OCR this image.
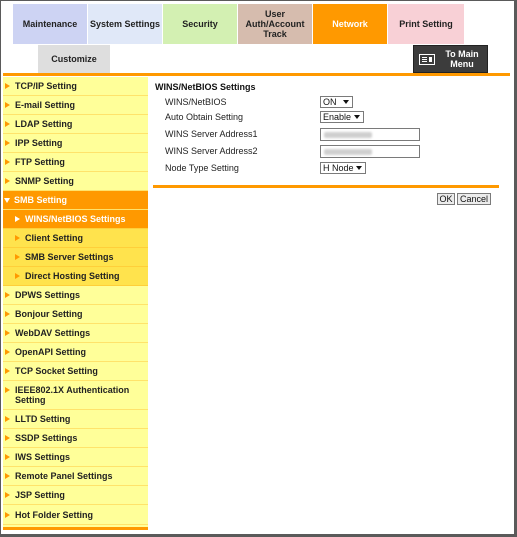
Maintenance System Settings Security
User
Auth/Account
Track
Network	Print Setting
Customize	To Main
Menu
TCP/IP Setting
E-mail Setting
LDAP Setting
IPP Setting
FTP Setting
SNMP Setting
SMB Setting
WINS/NetBIOS Settings
Client Setting
SMB Server Settings
Direct Hosting Setting
DPWS Settings
Bonjour Setting
WebDAV Settings
OpenAPI Setting
TCP Socket Setting
IEEE802.1X Authentication
Setting
LLTD Setting
SSDP Settings
IWS Settings
Remote Panel Settings
JSP Setting
Hot Folder Setting
WINS/NetBIOS Settings
WINS/NetBIOS	ON
Auto Obtain Setting	Enable
WINS Server Address1
WINS Server Address2
Node Type Setting	H Node
OK Cancel
